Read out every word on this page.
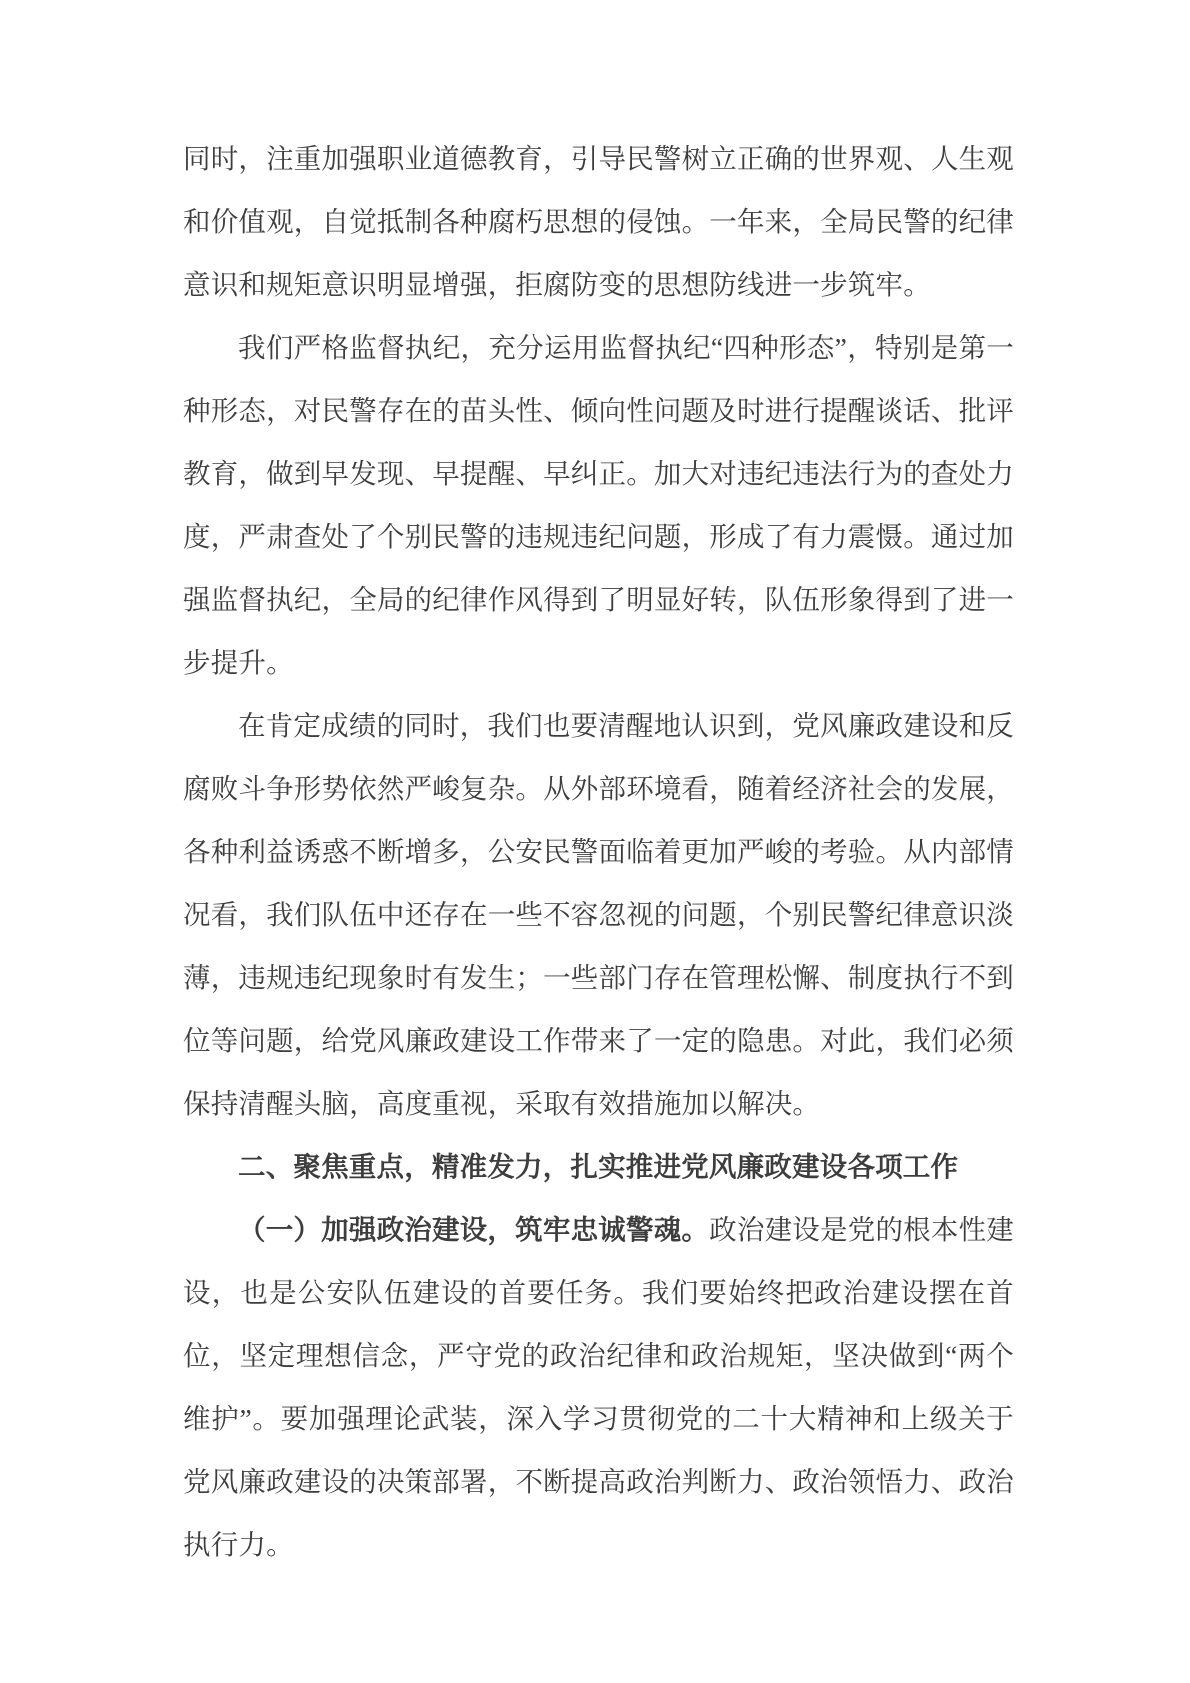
同时，注重加强职业道德教育，引导民警树立正确的世界观、人生观和价值观，自觉抵制各种腐朽思想的侵蚀。一年来，全局民警的纪律意识和规矩意识明显增强，拒腐防变的思想防线进一步筑牢。

我们严格监督执纪，充分运用监督执纪“四种形态”，特别是第一种形态，对民警存在的苗头性、倾向性问题及时进行提醒谈话、批评教育，做到早发现、早提醒、早纠正。加大对违纪违法行为的查处力度，严肃查处了个别民警的违规违纪问题，形成了有力震慑。通过加强监督执纪，全局的纪律作风得到了明显好转，队伍形象得到了进一步提升。

在肯定成绩的同时，我们也要清醒地认识到，党风廉政建设和反腐败斗争形势依然严峻复杂。从外部环境看，随着经济社会的发展，各种利益诱惑不断增多，公安民警面临着更加严峻的考验。从内部情况看，我们队伍中还存在一些不容忽视的问题，个别民警纪律意识淡薄，违规违纪现象时有发生；一些部门存在管理松懈、制度执行不到位等问题，给党风廉政建设工作带来了一定的隐患。对此，我们必须保持清醒头脑，高度重视，采取有效措施加以解决。

二、聚焦重点，精准发力，扎实推进党风廉政建设各项工作

（一）加强政治建设，筑牢忠诚警魂。政治建设是党的根本性建设，也是公安队伍建设的首要任务。我们要始终把政治建设摆在首位，坚定理想信念，严守党的政治纪律和政治规矩，坚决做到“两个维护”。要加强理论武装，深入学习贯彻党的二十大精神和上级关于党风廉政建设的决策部署，不断提高政治判断力、政治领悟力、政治执行力。
